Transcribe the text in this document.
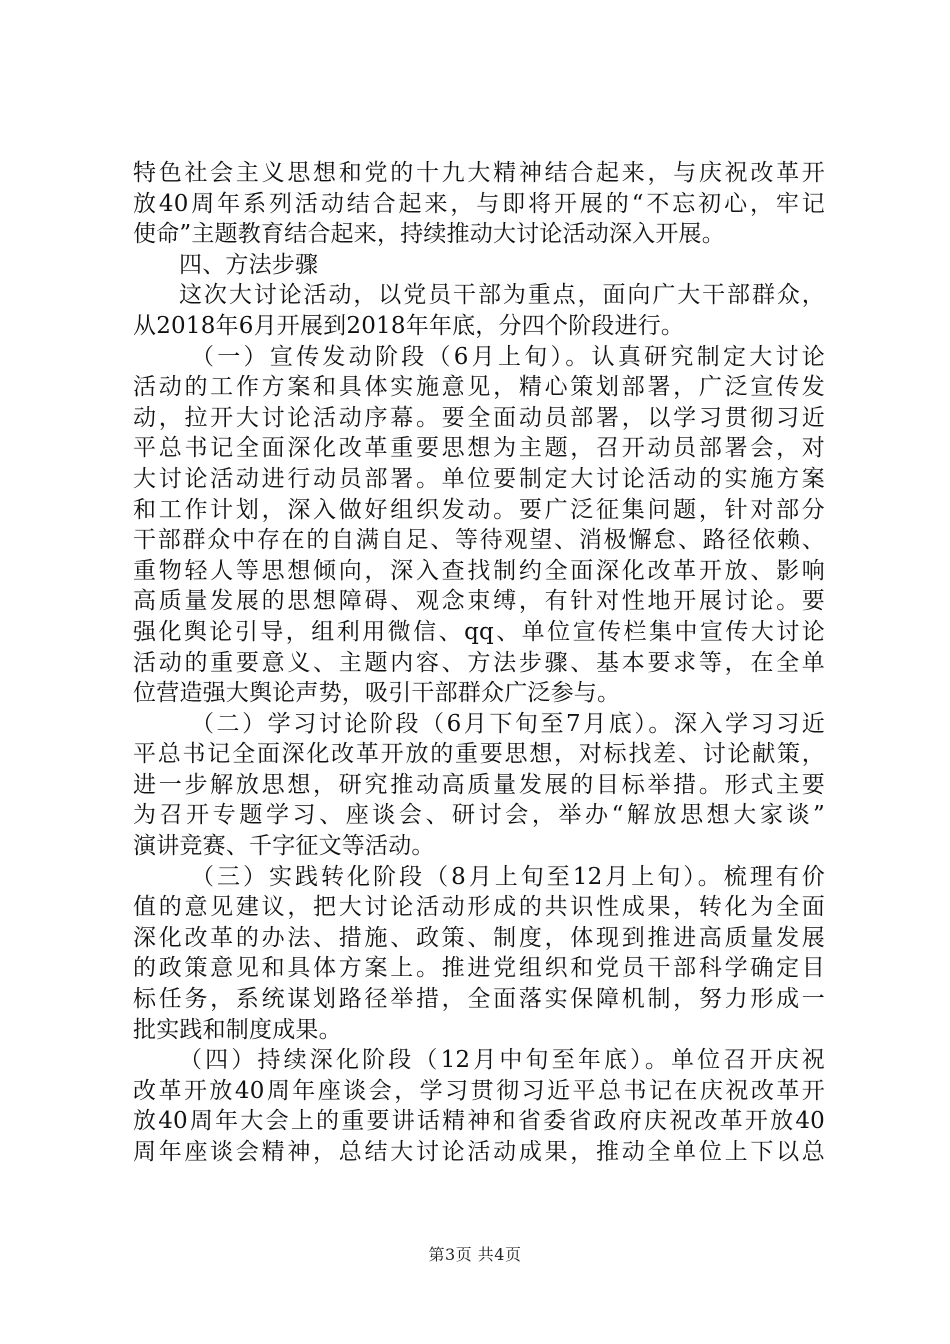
特色社会主义思想和党的十九大精神结合起来，与庆祝改革开
放40周年系列活动结合起来，与即将开展的“不忘初心，牢记
使命”主题教育结合起来，持续推动大讨论活动深入开展。
四、方法步骤
这次大讨论活动，以党员干部为重点，面向广大干部群众，
从2018年6月开展到2018年年底，分四个阶段进行。
（一）宣传发动阶段（6月上旬）。认真研究制定大讨论
活动的工作方案和具体实施意见，精心策划部署，广泛宣传发
动，拉开大讨论活动序幕。要全面动员部署，以学习贯彻习近
平总书记全面深化改革重要思想为主题，召开动员部署会，对
大讨论活动进行动员部署。单位要制定大讨论活动的实施方案
和工作计划，深入做好组织发动。要广泛征集问题，针对部分
干部群众中存在的自满自足、等待观望、消极懈怠、路径依赖、
重物轻人等思想倾向，深入查找制约全面深化改革开放、影响
高质量发展的思想障碍、观念束缚，有针对性地开展讨论。要
强化舆论引导，组利用微信、qq、单位宣传栏集中宣传大讨论
活动的重要意义、主题内容、方法步骤、基本要求等，在全单
位营造强大舆论声势，吸引干部群众广泛参与。
（二）学习讨论阶段（6月下旬至7月底）。深入学习习近
平总书记全面深化改革开放的重要思想，对标找差、讨论献策，
进一步解放思想，研究推动高质量发展的目标举措。形式主要
为召开专题学习、座谈会、研讨会，举办“解放思想大家谈”
演讲竞赛、千字征文等活动。
（三）实践转化阶段（8月上旬至12月上旬）。梳理有价
值的意见建议，把大讨论活动形成的共识性成果，转化为全面
深化改革的办法、措施、政策、制度，体现到推进高质量发展
的政策意见和具体方案上。推进党组织和党员干部科学确定目
标任务，系统谋划路径举措，全面落实保障机制，努力形成一
批实践和制度成果。
（四）持续深化阶段（12月中旬至年底）。单位召开庆祝
改革开放40周年座谈会，学习贯彻习近平总书记在庆祝改革开
放40周年大会上的重要讲话精神和省委省政府庆祝改革开放40
周年座谈会精神，总结大讨论活动成果，推动全单位上下以总
第3页 共4页
